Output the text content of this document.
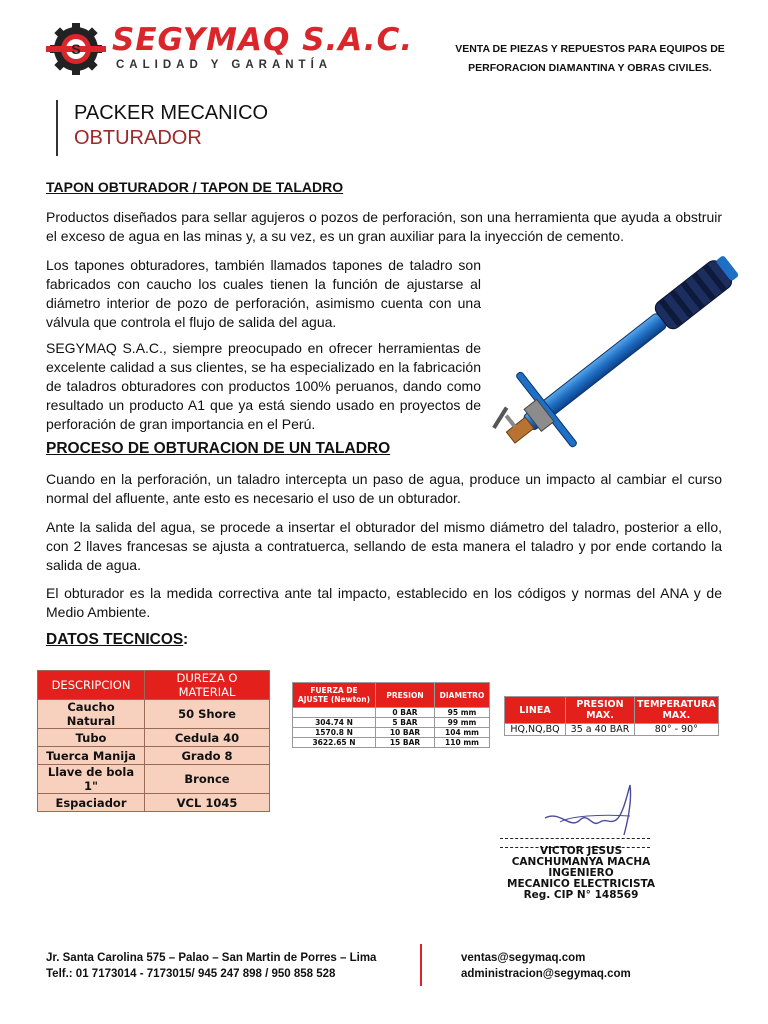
S SEGYMAQ S.A.C.
CALIDAD Y GARANTÍA
VENTA DE PIEZAS Y REPUESTOS PARA EQUIPOS DE
PERFORACION DIAMANTINA Y OBRAS CIVILES.
PACKER MECANICO
OBTURADOR
TAPON OBTURADOR / TAPON DE TALADRO
Productos diseñados para sellar agujeros o pozos de perforación, son una herramienta que ayuda a obstruir el exceso de agua en las minas y, a su vez, es un gran auxiliar para la inyección de cemento.
Los tapones obturadores, también llamados tapones de taladro son fabricados con caucho los cuales tienen la función de ajustarse al diámetro interior de pozo de perforación, asimismo cuenta con una válvula que controla el flujo de salida del agua.
SEGYMAQ S.A.C., siempre preocupado en ofrecer herramientas de excelente calidad a sus clientes, se ha especializado en la fabricación de taladros obturadores con productos 100% peruanos, dando como resultado un producto A1 que ya está siendo usado en proyectos de perforación de gran importancia en el Perú.
PROCESO DE OBTURACION DE UN TALADRO
Cuando en la perforación, un taladro intercepta un paso de agua, produce un impacto al cambiar el curso normal del afluente, ante esto es necesario el uso de un obturador.
Ante la salida del agua, se procede a insertar el obturador del mismo diámetro del taladro, posterior a ello, con 2 llaves francesas se ajusta a contratuerca, sellando de esta manera el taladro y por ende cortando la salida de agua.
El obturador es la medida correctiva ante tal impacto, establecido en los códigos y normas del ANA y de Medio Ambiente.
DATOS TECNICOS :
DESCRIPCION	DUREZA O MATERIAL
Caucho Natural	50 Shore
Tubo	Cedula 40
Tuerca Manija	Grado 8
Llave de bola 1"	Bronce
Espaciador	VCL 1045
FUERZA DE AJUSTE (Newton)	PRESION	DIAMETRO
	0 BAR	95 mm
304.74 N	5 BAR	99 mm
1570.8 N	10 BAR	104 mm
3622.65 N	15 BAR	110 mm
LINEA	PRESION MAX.	TEMPERATURA MAX.
HQ,NQ,BQ	35 a 40 BAR	80° - 90°
VICTOR JESUS
CANCHUMANYA MACHA
INGENIERO
MECANICO ELECTRICISTA
Reg. CIP N° 148569
Jr. Santa Carolina 575 – Palao – San Martin de Porres – Lima
Telf.: 01 7173014 - 7173015/ 945 247 898 / 950 858 528
ventas@segymaq.com
administracion@segymaq.com
